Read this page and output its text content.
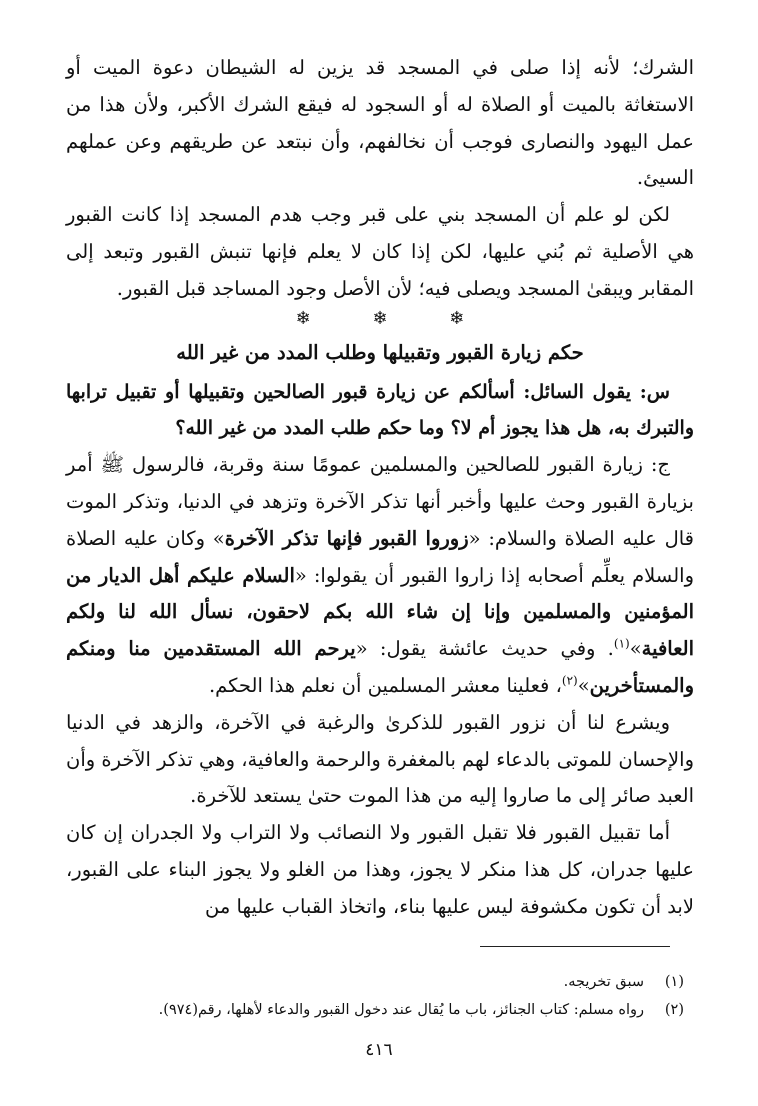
الشرك؛ لأنه إذا صلى في المسجد قد يزين له الشيطان دعوة الميت أو الاستغاثة بالميت أو الصلاة له أو السجود له فيقع الشرك الأكبر، ولأن هذا من عمل اليهود والنصارى فوجب أن نخالفهم، وأن نبتعد عن طريقهم وعن عملهم السيئ.

لكن لو علم أن المسجد بني على قبر وجب هدم المسجد إذا كانت القبور هي الأصلية ثم بُني عليها، لكن إذا كان لا يعلم فإنها تنبش القبور وتبعد إلى المقابر ويبقىٰ المسجد ويصلى فيه؛ لأن الأصل وجود المساجد قبل القبور.

❄ ❄ ❄

حكم زيارة القبور وتقبيلها وطلب المدد من غير الله

س: يقول السائل: أسألكم عن زيارة قبور الصالحين وتقبيلها أو تقبيل ترابها والتبرك به، هل هذا يجوز أم لا؟ وما حكم طلب المدد من غير الله؟

ج: زيارة القبور للصالحين والمسلمين عمومًا سنة وقربة، فالرسول ﷺ أمر بزيارة القبور وحث عليها وأخبر أنها تذكر الآخرة وتزهد في الدنيا، وتذكر الموت قال عليه الصلاة والسلام: «زوروا القبور فإنها تذكر الآخرة» وكان عليه الصلاة والسلام يعلِّم أصحابه إذا زاروا القبور أن يقولوا: «السلام عليكم أهل الديار من المؤمنين والمسلمين وإنا إن شاء الله بكم لاحقون، نسأل الله لنا ولكم العافية»$^{(١)}$. وفي حديث عائشة يقول: «يرحم الله المستقدمين منا ومنكم والمستأخرين»$^{(٢)}$، فعلينا معشر المسلمين أن نعلم هذا الحكم.

ويشرع لنا أن نزور القبور للذكرىٰ والرغبة في الآخرة، والزهد في الدنيا والإحسان للموتى بالدعاء لهم بالمغفرة والرحمة والعافية، وهي تذكر الآخرة وأن العبد صائر إلى ما صاروا إليه من هذا الموت حتىٰ يستعد للآخرة.

أما تقبيل القبور فلا تقبل القبور ولا النصائب ولا التراب ولا الجدران إن كان عليها جدران، كل هذا منكر لا يجوز، وهذا من الغلو ولا يجوز البناء على القبور، لابد أن تكون مكشوفة ليس عليها بناء، واتخاذ القباب عليها من

(١)
سبق تخريجه.
(٢)
رواه مسلم: كتاب الجنائز، باب ما يُقال عند دخول القبور والدعاء لأهلها، رقم(٩٧٤).
٤١٦
